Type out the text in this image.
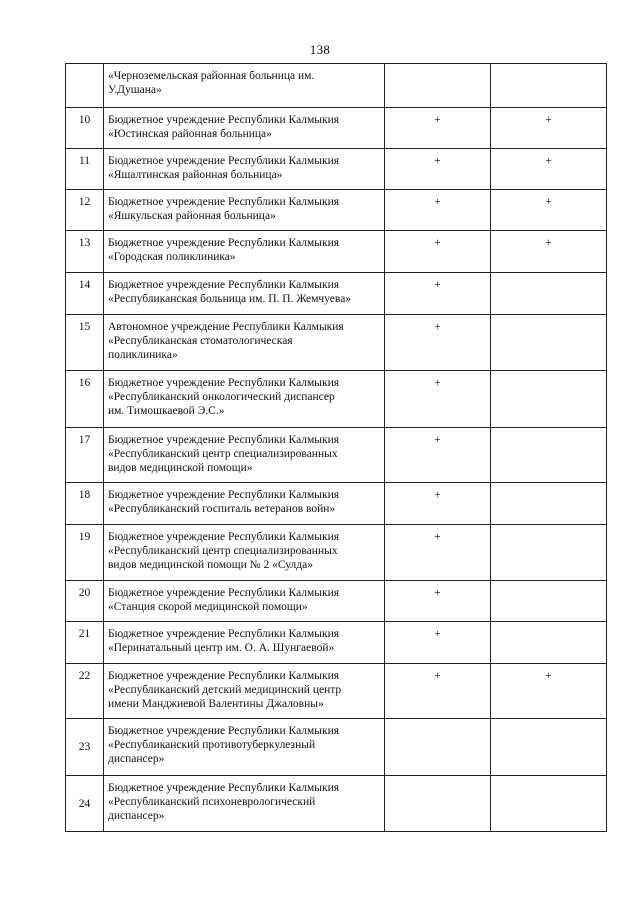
138

	«Черноземельская районная больница им.
У.Душана»		

10	Бюджетное учреждение Республики Калмыкия
«Юстинская районная больница»	+	+
11	Бюджетное учреждение Республики Калмыкия
«Яшалтинская районная больница»	+	+
12	Бюджетное учреждение Республики Калмыкия
«Яшкульская районная больница»	+	+
13	Бюджетное учреждение Республики Калмыкия
«Городская поликлиника»	+	+
14	Бюджетное учреждение Республики Калмыкия
«Республиканская больница им. П. П. Жемчуева»	+	
15	Автономное учреждение Республики Калмыкия
«Республиканская стоматологическая
поликлиника»	+	
16	Бюджетное учреждение Республики Калмыкия
«Республиканский онкологический диспансер
им. Тимошкаевой Э.С.»	+	
17	Бюджетное учреждение Республики Калмыкия
«Республиканский центр специализированных
видов медицинской помощи»	+	
18	Бюджетное учреждение Республики Калмыкия
«Республиканский госпиталь ветеранов войн»	+	
19	Бюджетное учреждение Республики Калмыкия
«Республиканский центр специализированных
видов медицинской помощи № 2 «Сулда»	+	
20	Бюджетное учреждение Республики Калмыкия
«Станция скорой медицинской помощи»	+	
21	Бюджетное учреждение Республики Калмыкия
«Перинатальный центр им. О. А. Шунгаевой»	+	
22	Бюджетное учреждение Республики Калмыкия
«Республиканский детский медицинский центр
имени Манджиевой Валентины Джаловны»	+	+
23	Бюджетное учреждение Республики Калмыкия
«Республиканский противотуберкулезный
диспансер»		

24	Бюджетное учреждение Республики Калмыкия
«Республиканский психоневрологический
диспансер»		
